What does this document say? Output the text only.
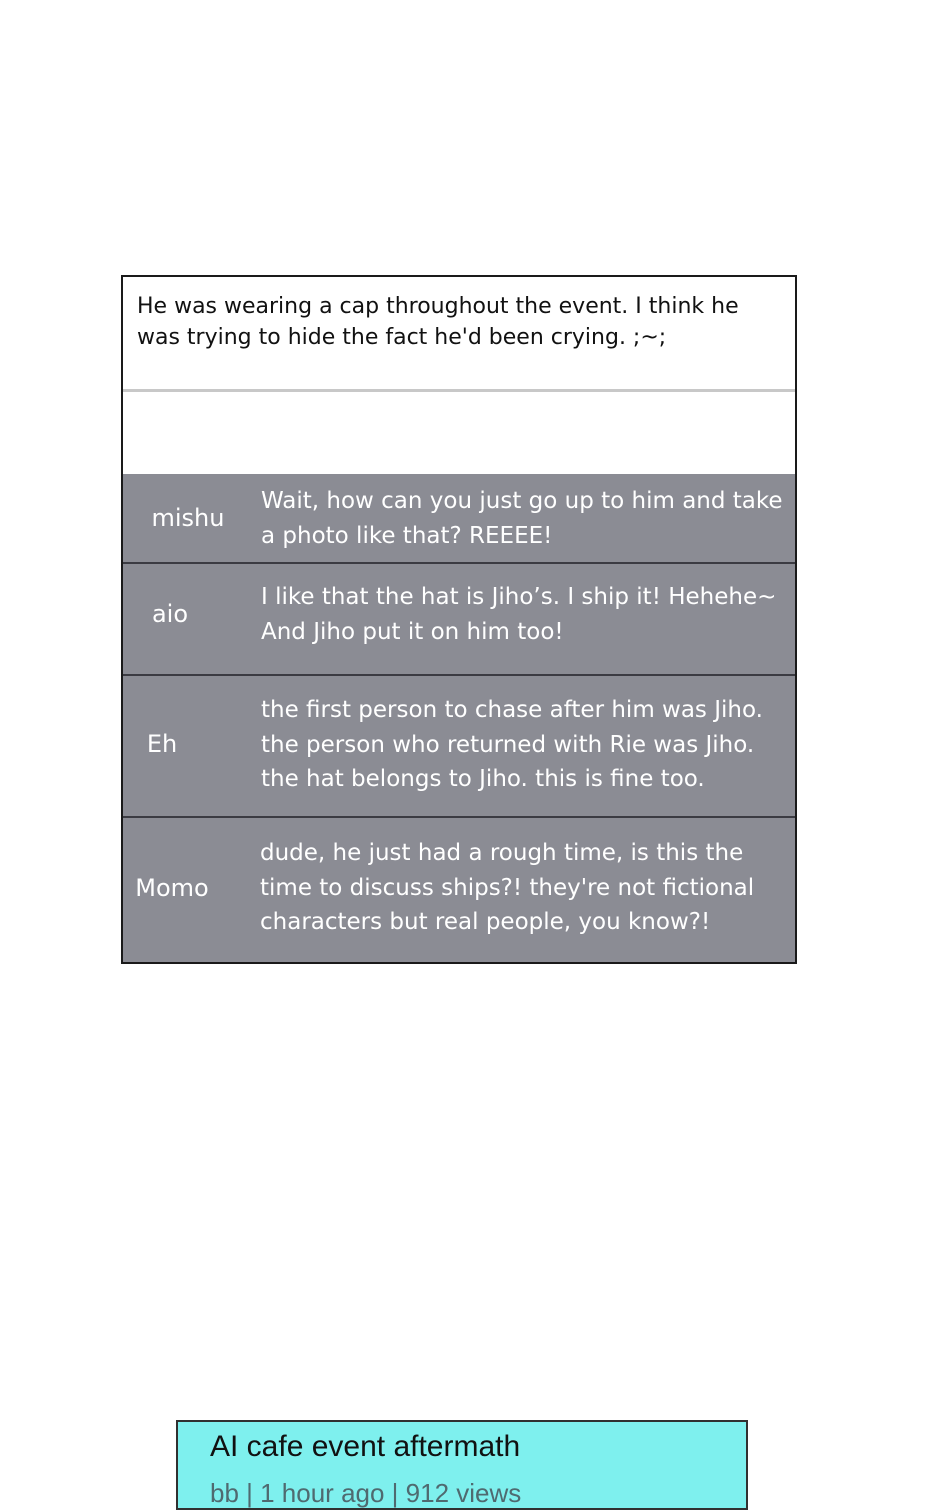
He was wearing a cap throughout the event. I think he was trying to hide the fact he'd been crying. ;~;
mishu
Wait, how can you just go up to him and take
a photo like that? REEEE!
aio
I like that the hat is Jiho’s. I ship it! Hehehe~
And Jiho put it on him too!
Eh
the first person to chase after him was Jiho.
the person who returned with Rie was Jiho.
the hat belongs to Jiho. this is fine too.
Momo
dude, he just had a rough time, is this the
time to discuss ships?! they're not fictional
characters but real people, you know?!
AI cafe event aftermath
bb | 1 hour ago | 912 views
